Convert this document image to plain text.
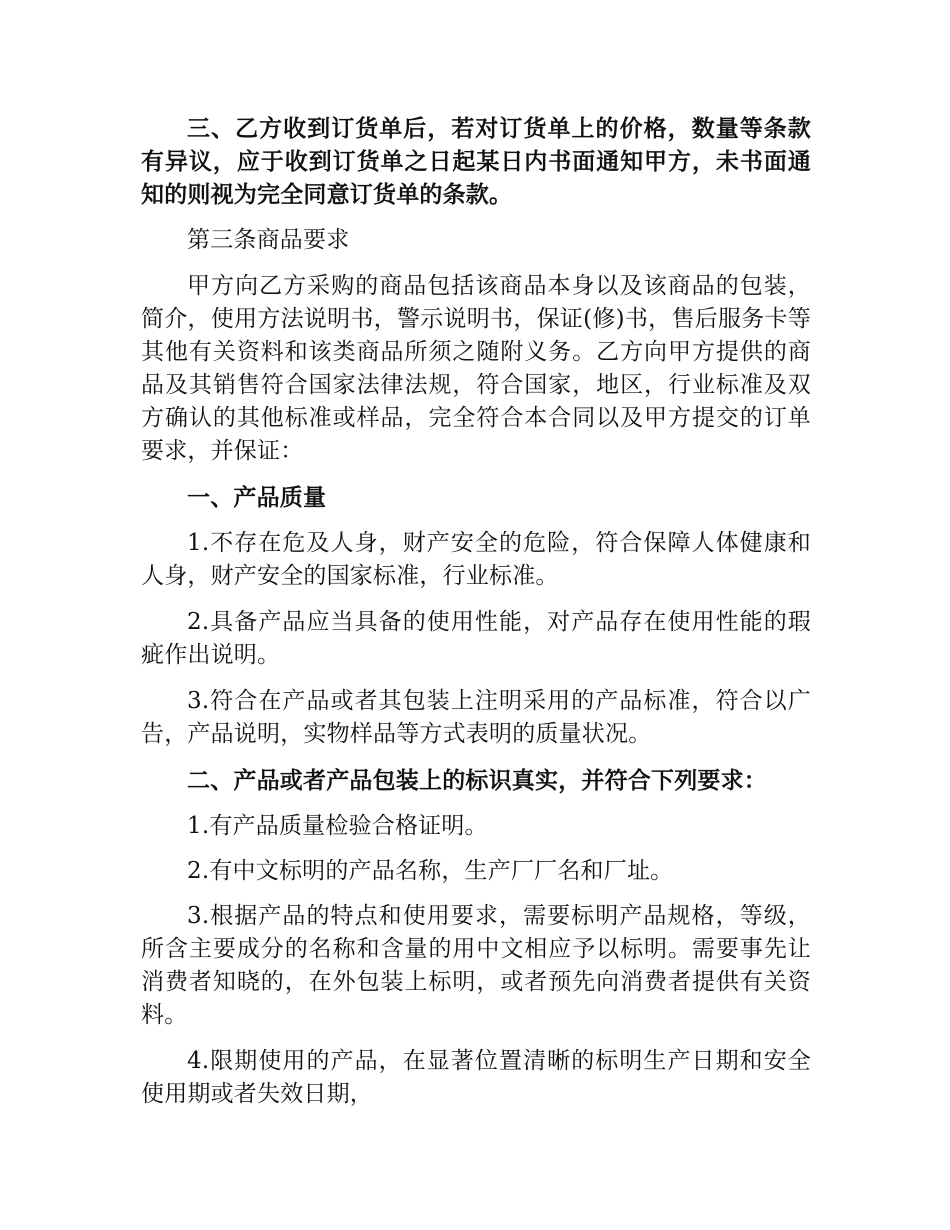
三、乙方收到订货单后，若对订货单上的价格，数量等条款有异议，应于收到订货单之日起某日内书面通知甲方，未书面通知的则视为完全同意订货单的条款。

第三条商品要求

甲方向乙方采购的商品包括该商品本身以及该商品的包装，简介，使用方法说明书，警示说明书，保证(修)书，售后服务卡等其他有关资料和该类商品所须之随附义务。乙方向甲方提供的商品及其销售符合国家法律法规，符合国家，地区，行业标准及双方确认的其他标准或样品，完全符合本合同以及甲方提交的订单要求，并保证：

一、产品质量

1.不存在危及人身，财产安全的危险，符合保障人体健康和人身，财产安全的国家标准，行业标准。

2.具备产品应当具备的使用性能，对产品存在使用性能的瑕疵作出说明。

3.符合在产品或者其包装上注明采用的产品标准，符合以广告，产品说明，实物样品等方式表明的质量状况。

二、产品或者产品包装上的标识真实，并符合下列要求：

1.有产品质量检验合格证明。

2.有中文标明的产品名称，生产厂厂名和厂址。

3.根据产品的特点和使用要求，需要标明产品规格，等级，所含主要成分的名称和含量的用中文相应予以标明。需要事先让消费者知晓的，在外包装上标明，或者预先向消费者提供有关资料。

4.限期使用的产品，在显著位置清晰的标明生产日期和安全使用期或者失效日期，
